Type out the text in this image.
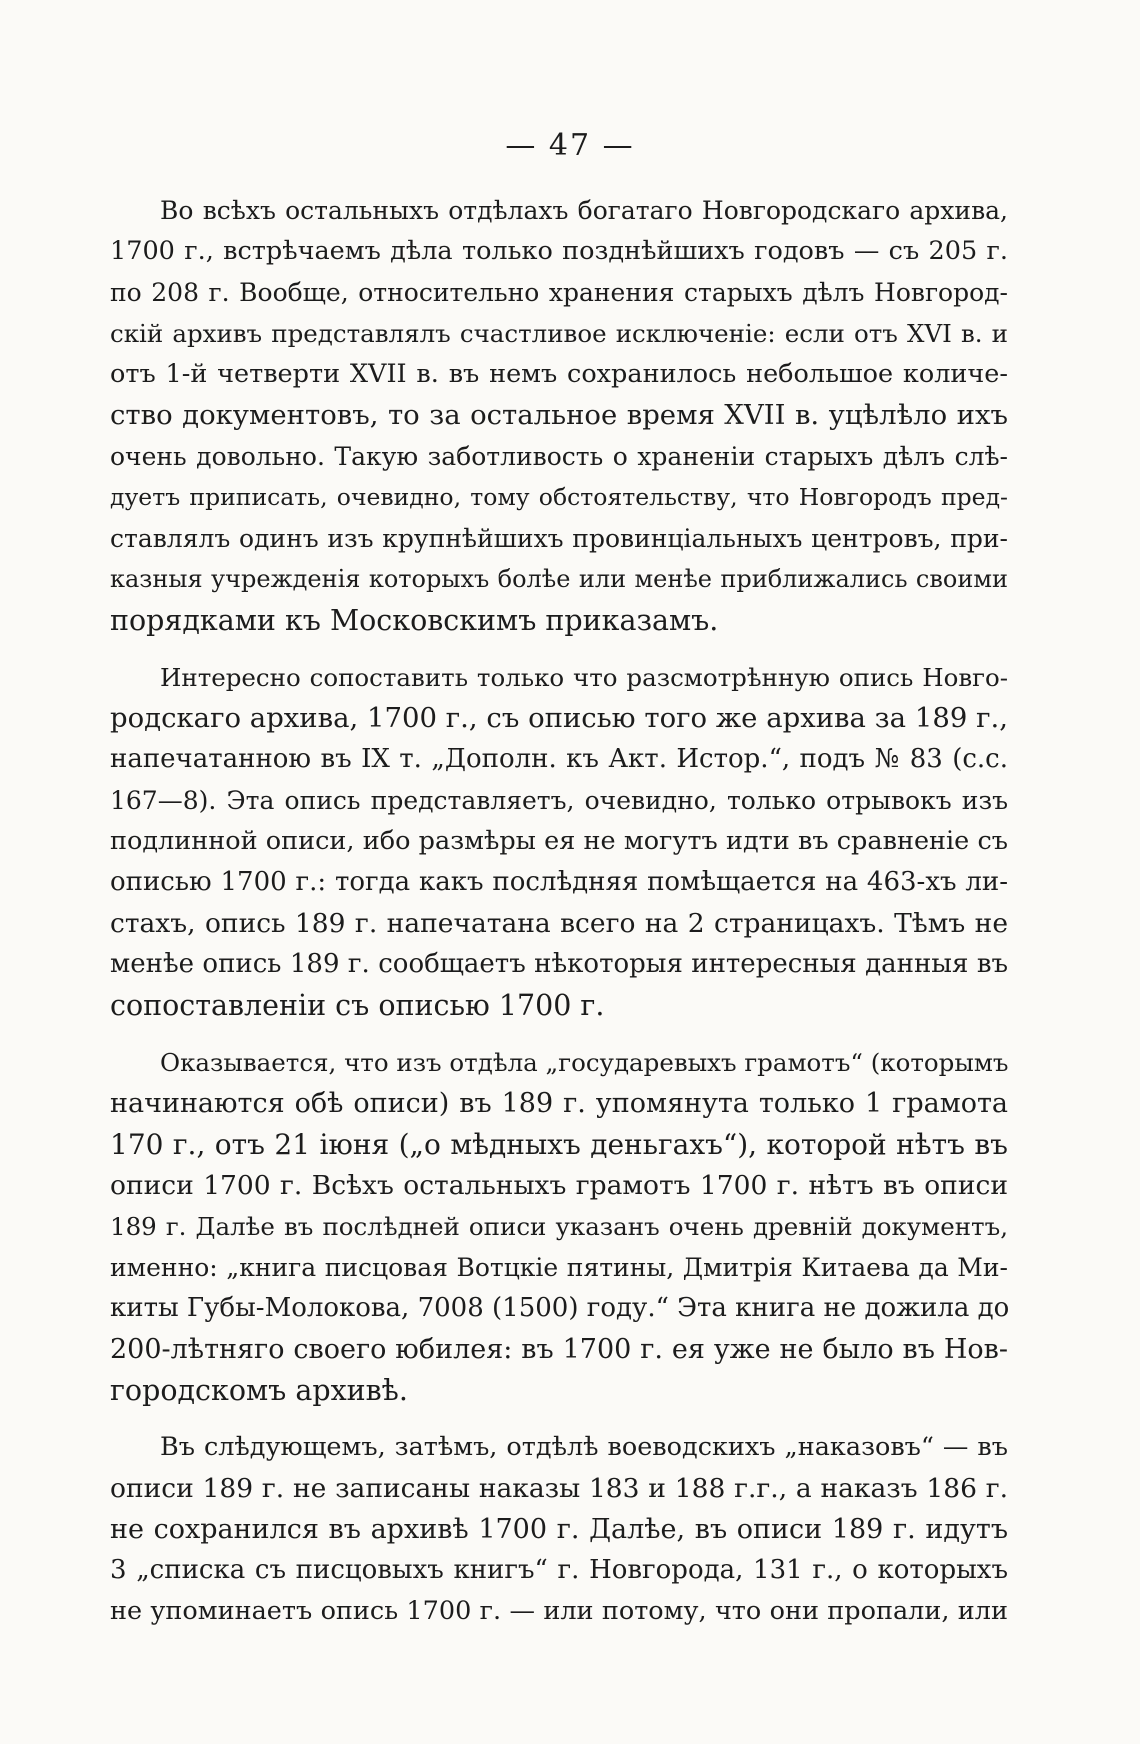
— 47 —
Во всѣхъ остальныхъ отдѣлахъ богатаго Новгородскаго архива,
1700 г., встрѣчаемъ дѣла только позднѣйшихъ годовъ — съ 205 г.
по 208 г. Вообще, относительно хранения старыхъ дѣлъ Новгород-
скій архивъ представлялъ счастливое исключеніе: если отъ XVI в. и
отъ 1-й четверти XVII в. въ немъ сохранилось небольшое количе-
ство документовъ, то за остальное время XVII в. уцѣлѣло ихъ
очень довольно. Такую заботливость о храненіи старыхъ дѣлъ слѣ-
дуетъ приписать, очевидно, тому обстоятельству, что Новгородъ пред-
ставлялъ одинъ изъ крупнѣйшихъ провинціальныхъ центровъ, при-
казныя учрежденія которыхъ болѣе или менѣе приближались своими
порядками къ Московскимъ приказамъ.
Интересно сопоставить только что разсмотрѣнную опись Новго-
родскаго архива, 1700 г., съ описью того же архива за 189 г.,
напечатанною въ IX т. „Дополн. къ Акт. Истор.“, подъ № 83 (с.с.
167—8). Эта опись представляетъ, очевидно, только отрывокъ изъ
подлинной описи, ибо размѣры ея не могутъ идти въ сравненіе съ
описью 1700 г.: тогда какъ послѣдняя помѣщается на 463-хъ ли-
стахъ, опись 189 г. напечатана всего на 2 страницахъ. Тѣмъ не
менѣе опись 189 г. сообщаетъ нѣкоторыя интересныя данныя въ
сопоставленіи съ описью 1700 г.
Оказывается, что изъ отдѣла „государевыхъ грамотъ“ (которымъ
начинаются обѣ описи) въ 189 г. упомянута только 1 грамота
170 г., отъ 21 іюня („о мѣдныхъ деньгахъ“), которой нѣтъ въ
описи 1700 г. Всѣхъ остальныхъ грамотъ 1700 г. нѣтъ въ описи
189 г. Далѣе въ послѣдней описи указанъ очень древній документъ,
именно: „книга писцовая Вотцкіе пятины, Дмитрія Китаева да Ми-
киты Губы-Молокова, 7008 (1500) году.“ Эта книга не дожила до
200-лѣтняго своего юбилея: въ 1700 г. ея уже не было въ Нов-
городскомъ архивѣ.
Въ слѣдующемъ, затѣмъ, отдѣлѣ воеводскихъ „наказовъ“ — въ
описи 189 г. не записаны наказы 183 и 188 г.г., а наказъ 186 г.
не сохранился въ архивѣ 1700 г. Далѣе, въ описи 189 г. идутъ
3 „списка съ писцовыхъ книгъ“ г. Новгорода, 131 г., о которыхъ
не упоминаетъ опись 1700 г. — или потому, что они пропали, или
